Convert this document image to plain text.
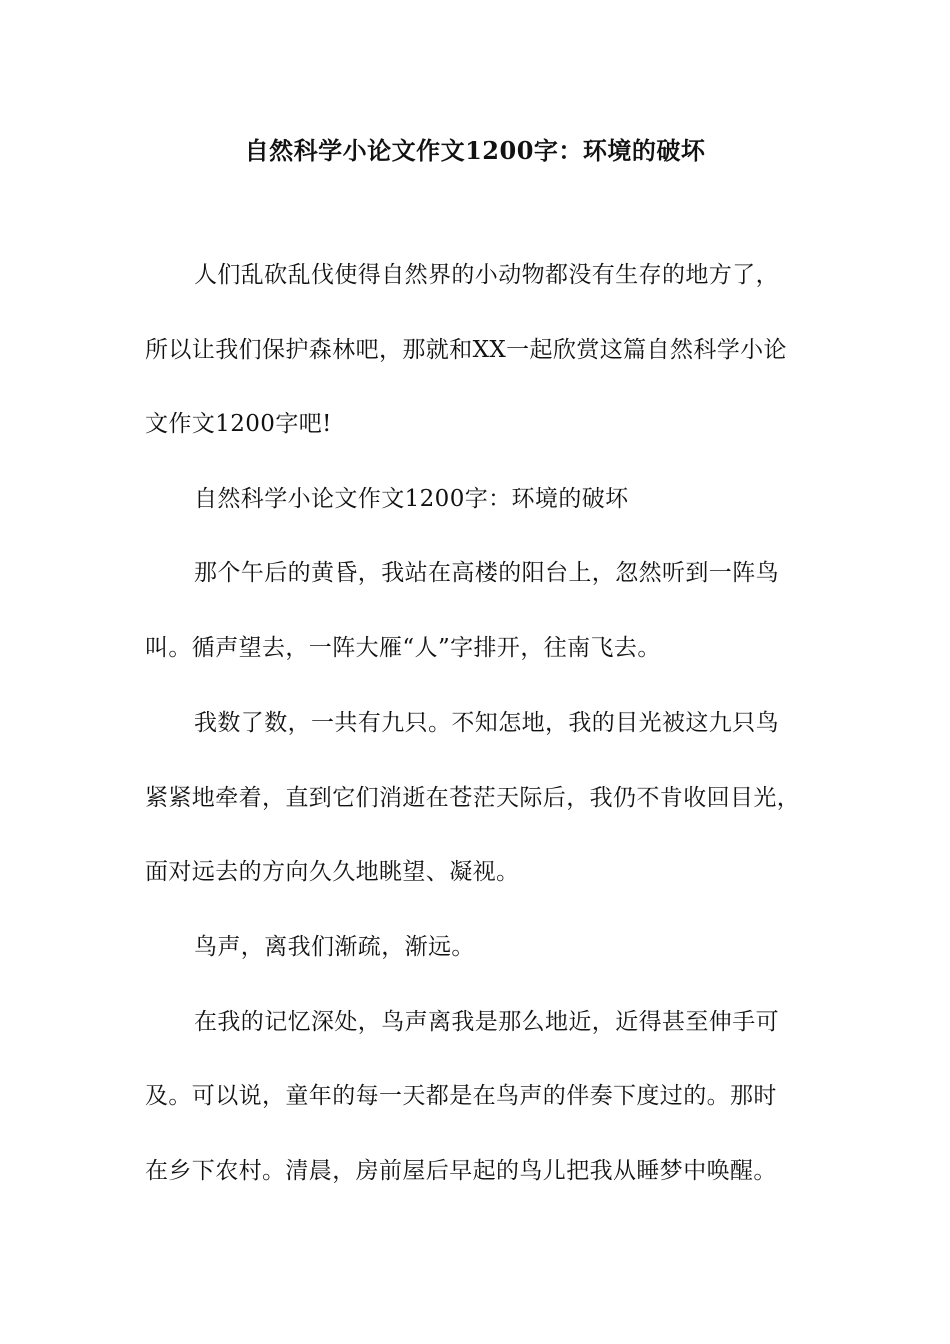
自然科学小论文作文1200字：环境的破坏
人们乱砍乱伐使得自然界的小动物都没有生存的地方了，
所以让我们保护森林吧，那就和XX一起欣赏这篇自然科学小论
文作文1200字吧!
自然科学小论文作文1200字：环境的破坏
那个午后的黄昏，我站在高楼的阳台上，忽然听到一阵鸟
叫。循声望去，一阵大雁“人”字排开，往南飞去。
我数了数，一共有九只。不知怎地，我的目光被这九只鸟
紧紧地牵着，直到它们消逝在苍茫天际后，我仍不肯收回目光，
面对远去的方向久久地眺望、凝视。
鸟声，离我们渐疏，渐远。
在我的记忆深处，鸟声离我是那么地近，近得甚至伸手可
及。可以说，童年的每一天都是在鸟声的伴奏下度过的。那时
在乡下农村。清晨，房前屋后早起的鸟儿把我从睡梦中唤醒。
